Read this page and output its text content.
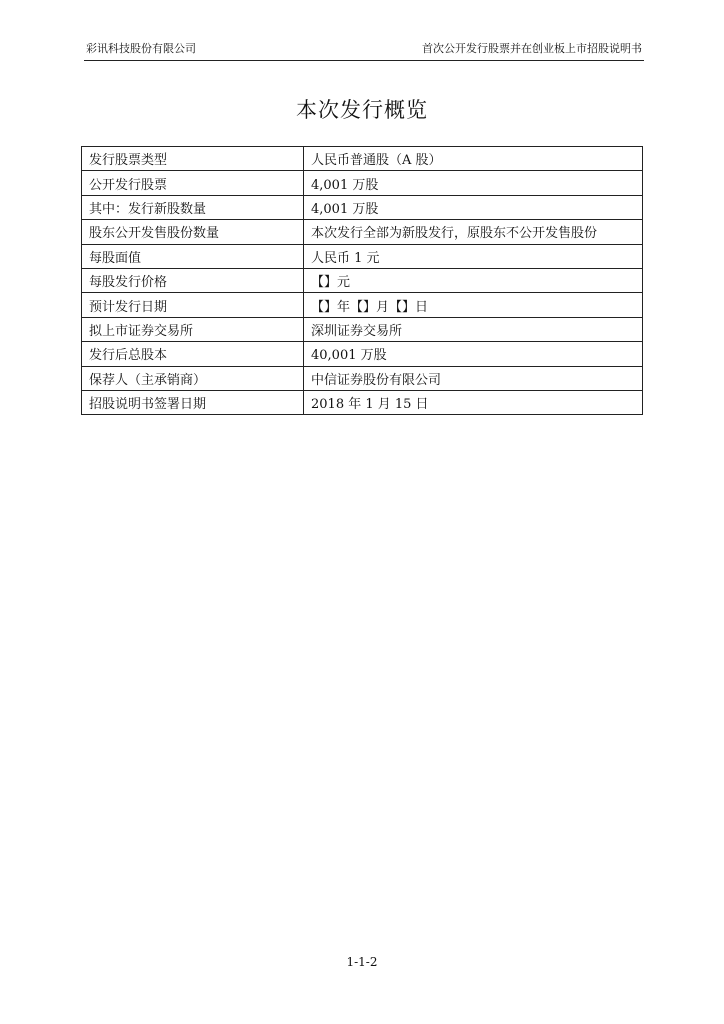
彩讯科技股份有限公司	首次公开发行股票并在创业板上市招股说明书
本次发行概览
发行股票类型	人民币普通股（A 股）
公开发行股票	4,001 万股
其中：发行新股数量	4,001 万股
股东公开发售股份数量	本次发行全部为新股发行，原股东不公开发售股份
每股面值	人民币 1 元
每股发行价格	【】元
预计发行日期	【】年【】月【】日
拟上市证券交易所	深圳证券交易所
发行后总股本	40,001 万股
保荐人（主承销商）	中信证券股份有限公司
招股说明书签署日期	2018 年 1 月 15 日
1-1-2
